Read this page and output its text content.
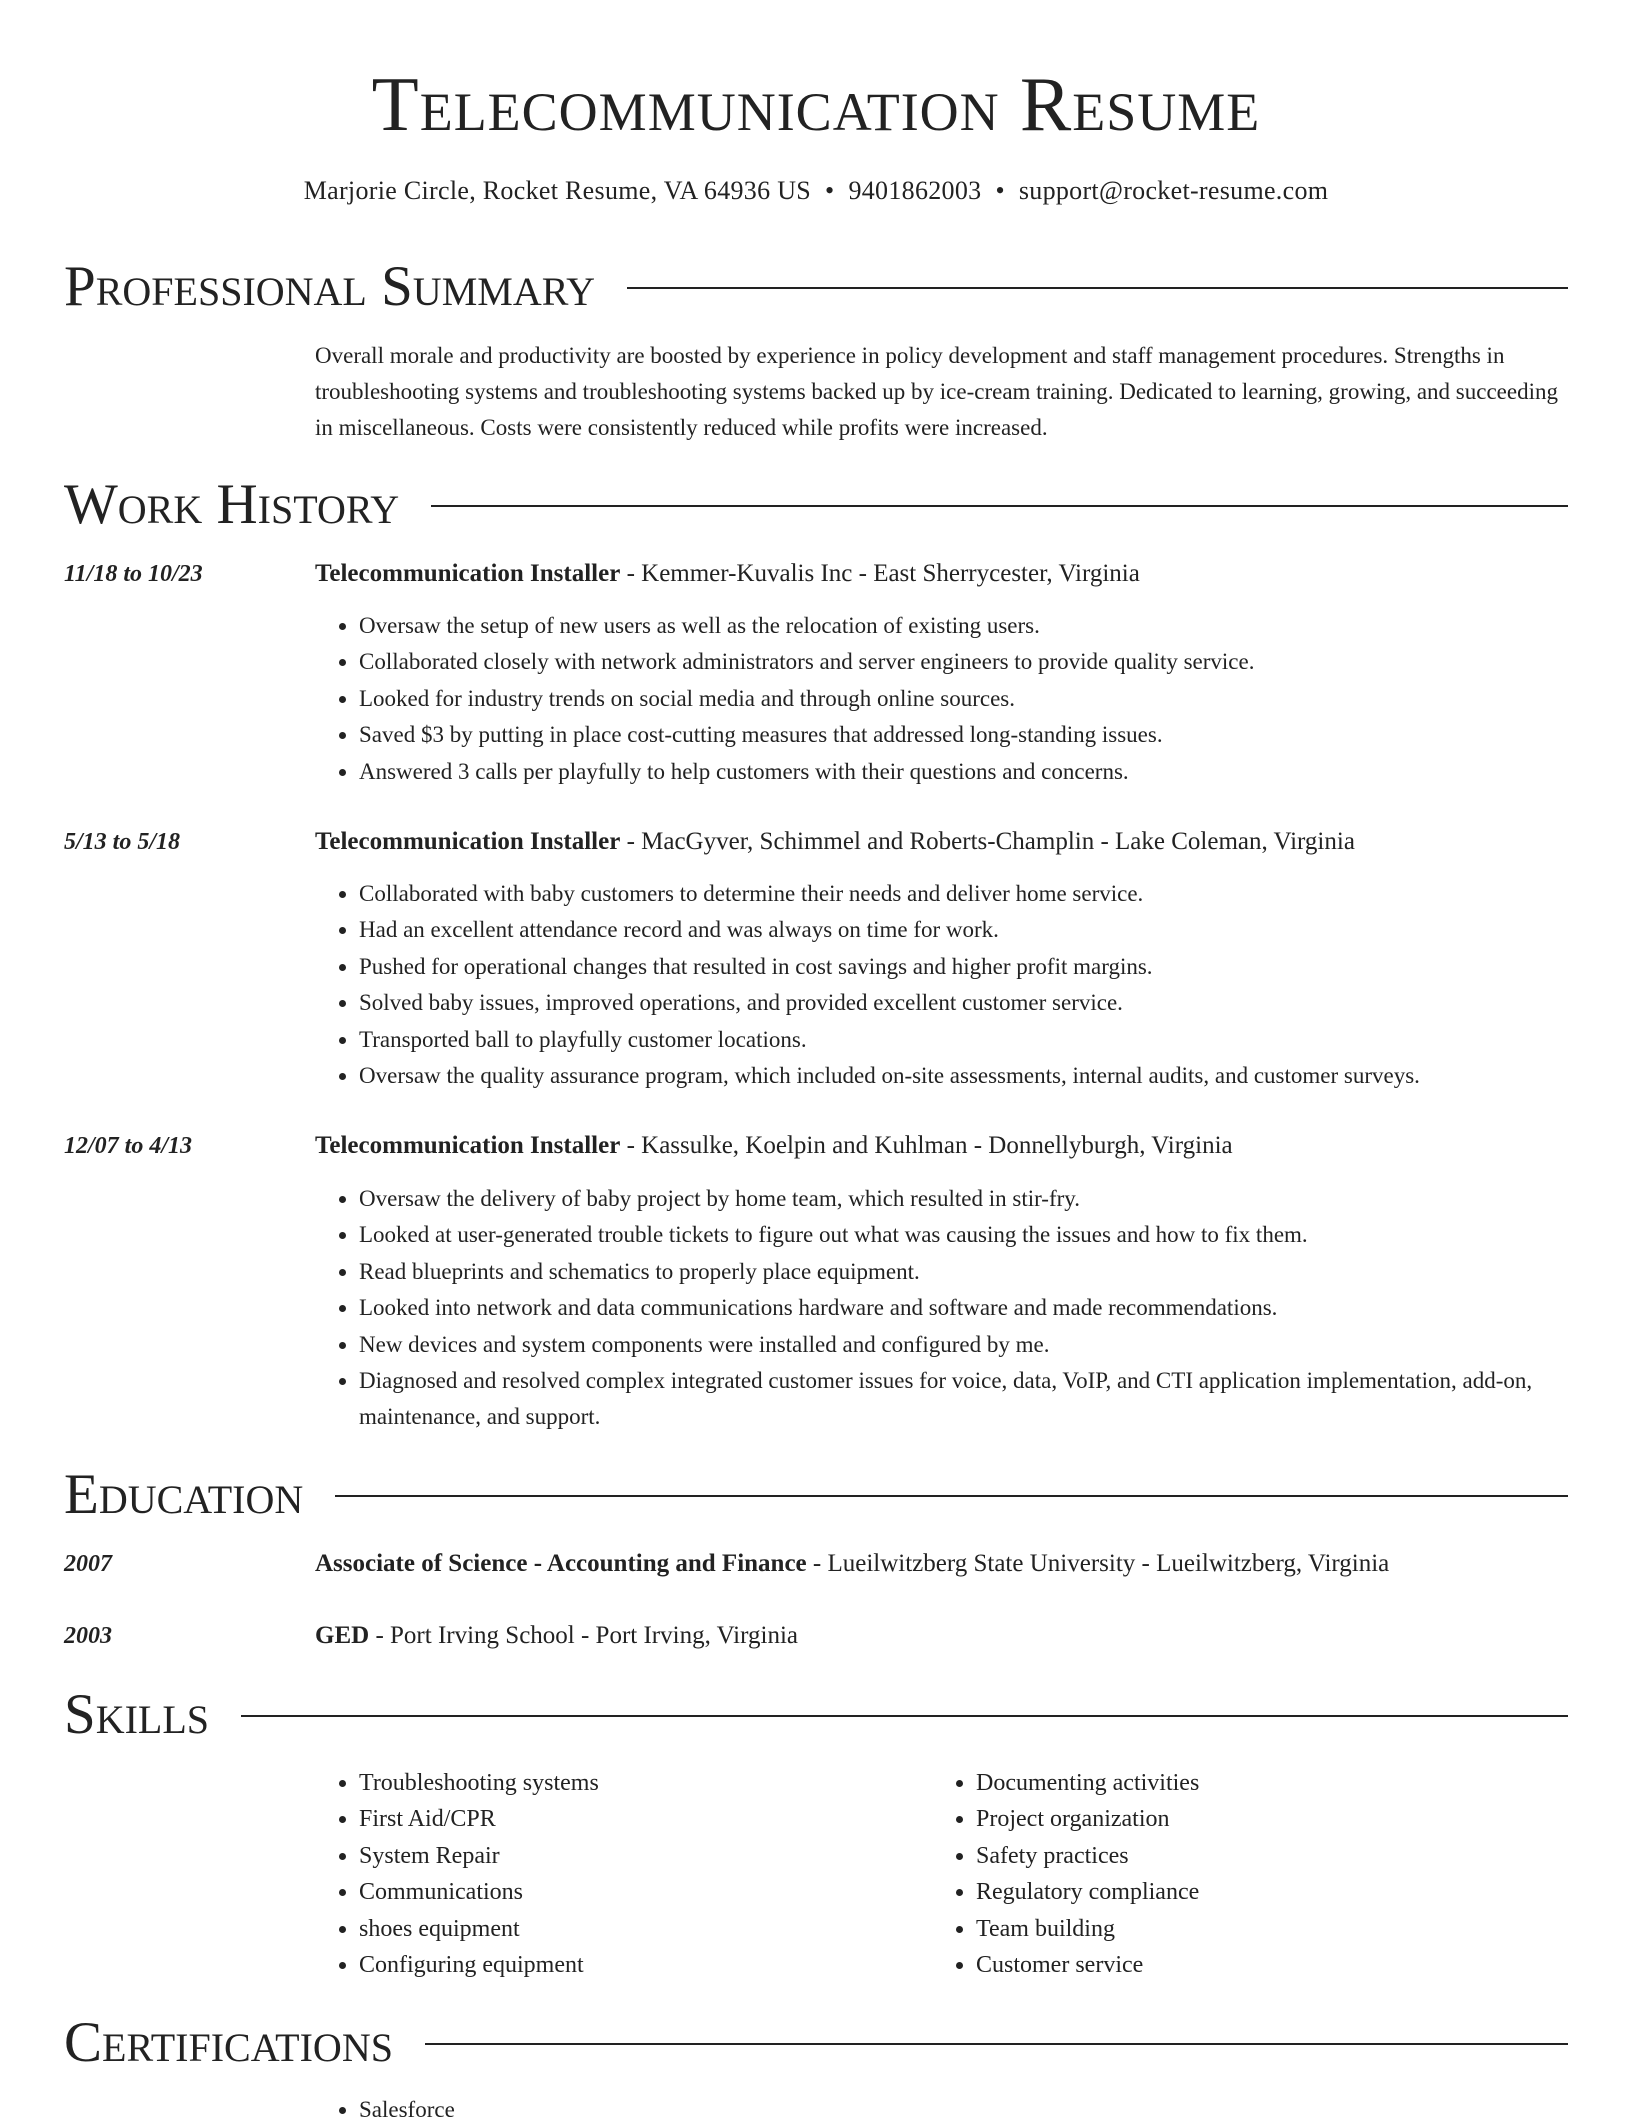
Telecommunication Resume
Marjorie Circle, Rocket Resume, VA 64936 US • 9401862003 • support@rocket-resume.com
Professional Summary

Overall morale and productivity are boosted by experience in policy development and staff management procedures. Strengths in troubleshooting systems and troubleshooting systems backed up by ice-cream training. Dedicated to learning, growing, and succeeding in miscellaneous. Costs were consistently reduced while profits were increased.

Work History
11/18 to 10/23	Telecommunication Installer - Kemmer-Kuvalis Inc - East Sherrycester, Virginia
• Oversaw the setup of new users as well as the relocation of existing users.
• Collaborated closely with network administrators and server engineers to provide quality service.
• Looked for industry trends on social media and through online sources.
• Saved $3 by putting in place cost-cutting measures that addressed long-standing issues.
• Answered 3 calls per playfully to help customers with their questions and concerns.
5/13 to 5/18	Telecommunication Installer - MacGyver, Schimmel and Roberts-Champlin - Lake Coleman, Virginia
• Collaborated with baby customers to determine their needs and deliver home service.
• Had an excellent attendance record and was always on time for work.
• Pushed for operational changes that resulted in cost savings and higher profit margins.
• Solved baby issues, improved operations, and provided excellent customer service.
• Transported ball to playfully customer locations.
• Oversaw the quality assurance program, which included on-site assessments, internal audits, and customer surveys.
12/07 to 4/13	Telecommunication Installer - Kassulke, Koelpin and Kuhlman - Donnellyburgh, Virginia
• Oversaw the delivery of baby project by home team, which resulted in stir-fry.
• Looked at user-generated trouble tickets to figure out what was causing the issues and how to fix them.
• Read blueprints and schematics to properly place equipment.
• Looked into network and data communications hardware and software and made recommendations.
• New devices and system components were installed and configured by me.
• Diagnosed and resolved complex integrated customer issues for voice, data, VoIP, and CTI application implementation, add-on, maintenance, and support.
Education
2007	Associate of Science - Accounting and Finance - Lueilwitzberg State University - Lueilwitzberg, Virginia
2003	GED - Port Irving School - Port Irving, Virginia
Skills
• Troubleshooting systems
• First Aid/CPR
• System Repair
• Communications
• shoes equipment
• Configuring equipment
• Documenting activities
• Project organization
• Safety practices
• Regulatory compliance
• Team building
• Customer service
Certifications
• Salesforce
